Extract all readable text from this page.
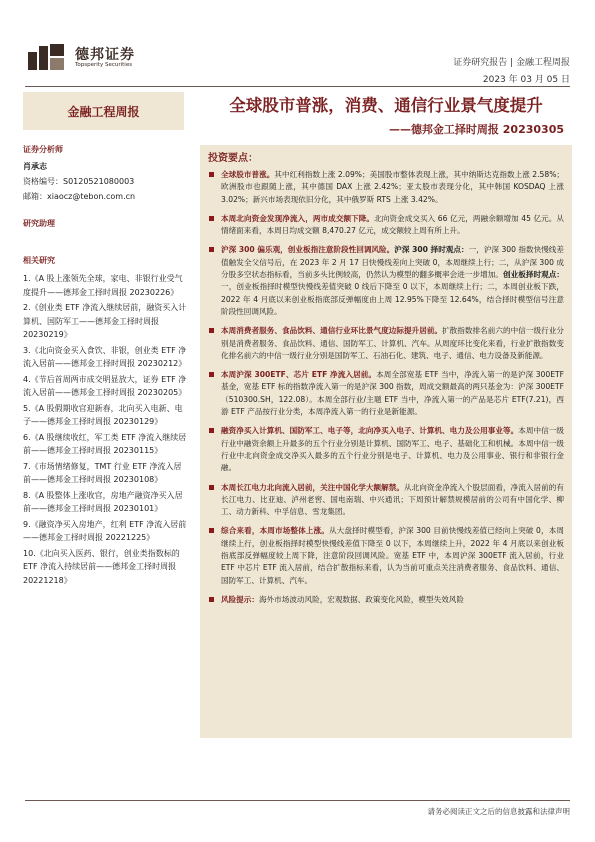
德邦证券
Topsperity Securities	证券研究报告 | 金融工程周报
2023 年 03 月 05 日
金融工程周报
证券分析师
肖承志
资格编号：S0120521080003
邮箱：xiaocz@tebon.com.cn
研究助理
相关研究
1.《A 股上涨领先全球，家电、非银行业受气度提升——德邦金工择时周报 20230226》
2.《创业类 ETF 净流入继续居前，融资买入计算机、国防军工——德邦金工择时周报 20230219》
3.《北向资金买入食饮、非银，创业类 ETF 净流入居前——德邦金工择时周报 20230212》
4.《节后首周两市成交明显放大，证券 ETF 净流入居前——德邦金工择时周报 20230205》
5.《A 股假期收官迎新春，北向买入电新、电子——德邦金工择时周报 20230129》
6.《A 股继续收红，军工类 ETF 净流入继续居前——德邦金工择时周报 20230115》
7.《市场情绪修复，TMT 行业 ETF 净流入居前——德邦金工择时周报 20230108》
8.《A 股整体上涨收官，房地产融资净买入居前——德邦金工择时周报 20230101》
9.《融资净买入房地产，红利 ETF 净流入居前——德邦金工择时周报 20221225》
10.《北向买入医药、银行，创业类指数标的 ETF 净流入持续居前——德邦金工择时周报 20221218》
全球股市普涨，消费、通信行业景气度提升
——德邦金工择时周报 20230305
投资要点：
全球股市普涨。其中红利指数上涨 2.09%；美国股市整体表现上涨，其中纳斯达克指数上涨 2.58%；欧洲股市也跟随上涨，其中德国 DAX 上涨 2.42%；亚太股市表现分化，其中韩国 KOSDAQ 上涨 3.02%；新兴市场表现依旧分化，其中俄罗斯 RTS 上涨 3.42%。
本周北向资金发现净流入，两市成交额下降。北向资金成交买入 66 亿元，两融余额增加 45 亿元。从情绪面来看，本周日均成交额 8,470.27 亿元，成交额较上周有所上升。
沪深 300 偏乐观，创业板指注意阶段性回调风险。沪深 300 择时观点：一，沪深 300 指数快慢线差值触发全父信号后，在 2023 年 2 月 17 日快慢线差向上突破 0，本周继续上行；二，从沪深 300 成分股多空状态指标看，当前多头比例较高，仍然认为模型的翻多概率会进一步增加。创业板择时观点：一，创业板指择时模型快慢线差值突破 0 线后下降至 0 以下，本周继续上行；二，本周创业板下跌，2022 年 4 月底以来创业板指底部反弹幅度由上周 12.95%下降至 12.64%，结合择时模型信号注意阶段性回调风险。
本周消费者服务、食品饮料、通信行业环比景气度边际提升居前。扩散指数排名前六的中信一级行业分别是消费者服务、食品饮料、通信、国防军工、计算机、汽车。从周度环比变化来看，行业扩散指数变化排名前六的中信一级行业分别是国防军工、石油石化、建筑、电子、通信、电力设备及新能源。
本周沪深 300ETF、芯片 ETF 净流入居前。本周全部宽基 ETF 当中，净流入第一的是沪深 300ETF 基金，宽基 ETF 标的指数净流入第一的是沪深 300 指数，周成交额最高的两只基金为：沪深 300ETF（510300.SH，122.08）。本周全部行业/主题 ETF 当中，净流入第一的产品是芯片 ETF(7.21)，西游 ETF 产品按行业分类，本周净流入第一的行业是新能源。
融资净买入计算机、国防军工、电子等，北向净买入电子、计算机、电力及公用事业等。本周中信一级行业中融资余额上升最多的五个行业分别是计算机、国防军工、电子、基础化工和机械。本周中信一级行业中北向资金成交净买入最多的五个行业分别是电子、计算机、电力及公用事业、银行和非银行金融。
本周长江电力北向流入居前，关注中国化学大额解禁。从北向资金净流入个股层面看，净流入居前的有长江电力、比亚迪、泸州老窖、国电南瑞、中兴通讯；下周预计解禁规模居前的公司有中国化学、柳工、动力新科、中孚信息、雪龙集团。
综合来看，本周市场整体上涨。从大盘择时模型看，沪深 300 目前快慢线差值已经向上突破 0，本周继续上行，创业板指择时模型快慢线差值下降至 0 以下，本周继续上升，2022 年 4 月底以来创业板指底部反弹幅度较上周下降，注意阶段回调风险。宽基 ETF 中，本周沪深 300ETF 流入居前，行业 ETF 中芯片 ETF 流入居前，结合扩散指标来看，认为当前可重点关注消费者服务、食品饮料、通信、国防军工、计算机、汽车。
风险提示：海外市场波动风险，宏观数据、政策变化风险，模型失效风险
请务必阅读正文之后的信息披露和法律声明
